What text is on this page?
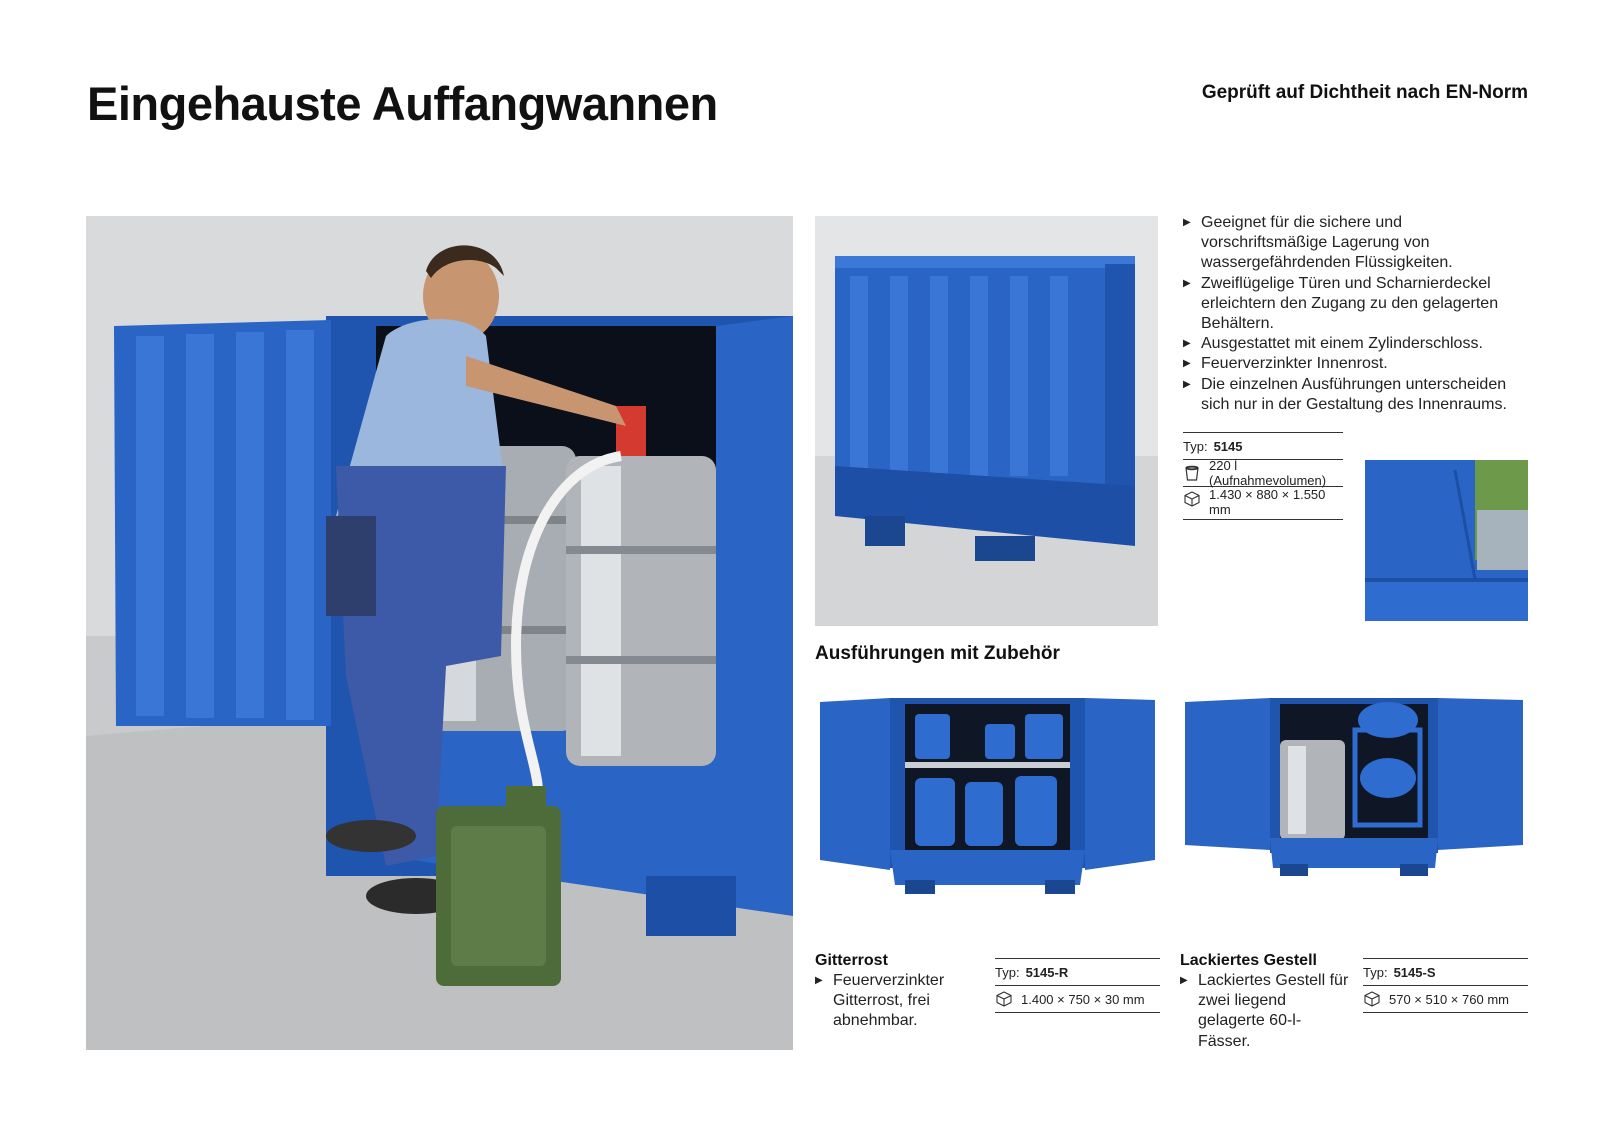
Eingehauste Auffangwannen	Geprüft auf Dichtheit nach EN-Norm
▶ Geeignet für die sichere und vorschriftsmäßige Lagerung von wassergefährdenden Flüssigkeiten.
▶ Zweiflügelige Türen und Scharnierdeckel erleichtern den Zugang zu den gelagerten Behältern.
▶ Ausgestattet mit einem Zylinderschloss.
▶ Feuerverzinkter Innenrost.
▶ Die einzelnen Ausführungen unterscheiden sich nur in der Gestaltung des Innenraums.
Typ: 5145
220 l (Aufnahmevolumen)
1.430 × 880 × 1.550 mm
Ausführungen mit Zubehör
Gitterrost
▶ Feuerverzinkter Gitterrost, frei abnehmbar.
Typ: 5145-R
1.400 × 750 × 30 mm
Lackiertes Gestell
▶ Lackiertes Gestell für zwei liegend gelagerte 60-l-Fässer.
Typ: 5145-S
570 × 510 × 760 mm
